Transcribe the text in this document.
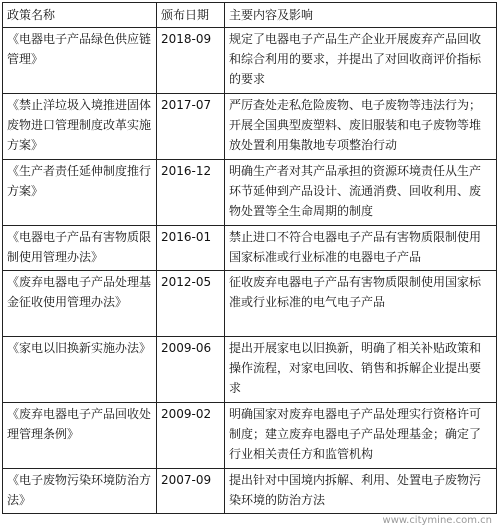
政策名称	颁布日期	主要内容及影响
《电器电子产品绿色供应链管理》	2018-09	规定了电器电子产品生产企业开展废弃产品回收和综合利用的要求，并提出了对回收商评价指标的要求
《禁止洋垃圾入境推进固体废物进口管理制度改革实施方案》	2017-07	严厉查处走私危险废物、电子废物等违法行为；开展全国典型废塑料、废旧服装和电子废物等堆放处置利用集散地专项整治行动
《生产者责任延伸制度推行方案》	2016-12	明确生产者对其产品承担的资源环境责任从生产环节延伸到产品设计、流通消费、回收利用、废物处置等全生命周期的制度
《电器电子产品有害物质限制使用管理办法》	2016-01	禁止进口不符合电器电子产品有害物质限制使用国家标准或行业标准的电器电子产品
《废弃电器电子产品处理基金征收使用管理办法》	2012-05	征收废弃电器电子产品有害物质限制使用国家标准或行业标准的电气电子产品
《家电以旧换新实施办法》	2009-06	提出开展家电以旧换新，明确了相关补贴政策和操作流程，对家电回收、销售和拆解企业提出要求
《废弃电器电子产品回收处理管理条例》	2009-02	明确国家对废弃电器电子产品处理实行资格许可制度；建立废弃电器电子产品处理基金；确定了行业相关责任方和监管机构
《电子废物污染环境防治方法》	2007-09	提出针对中国境内拆解、利用、处置电子废物污染环境的防治方法
www.citymine.com.cn
